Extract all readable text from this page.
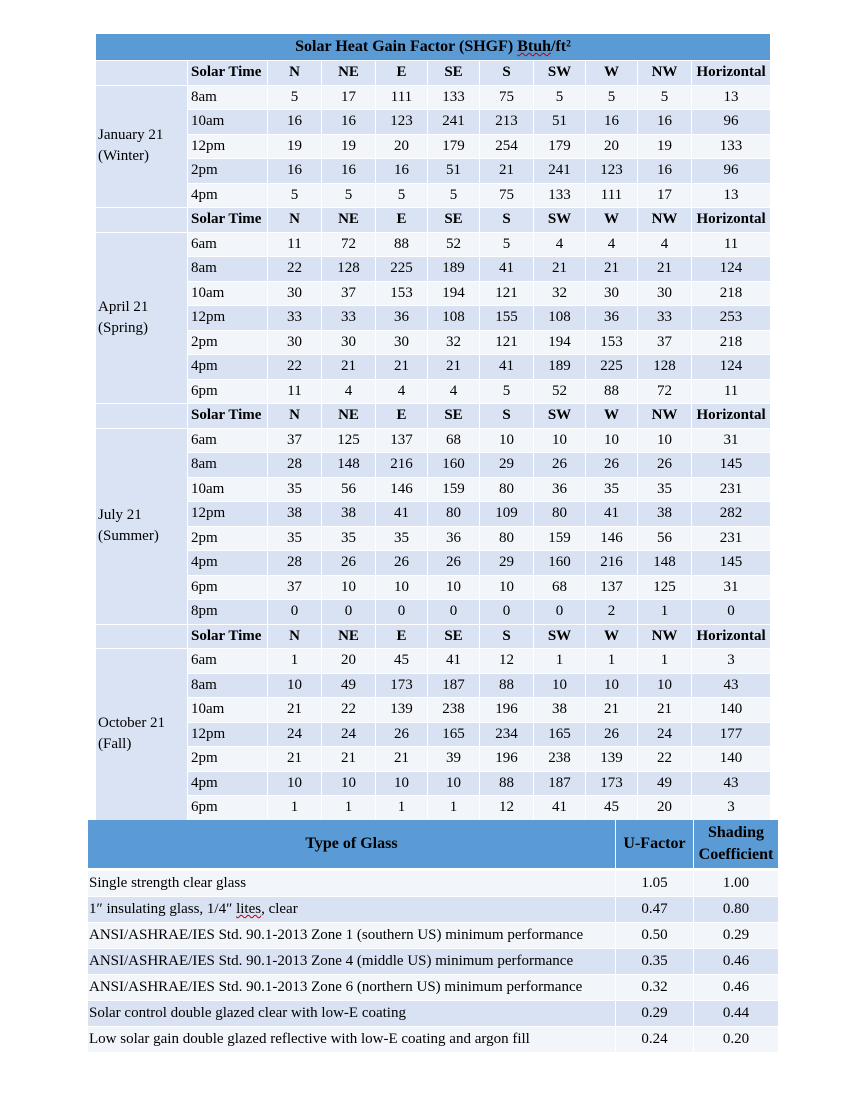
Solar Heat Gain Factor (SHGF) Btuh/ft²										
	Solar Time	N	NE	E	SE	S	SW	W	NW	Horizontal
January 21
(Winter)	8am	5	17	111	133	75	5	5	5	13
	10am	16	16	123	241	213	51	16	16	96
	12pm	19	19	20	179	254	179	20	19	133
	2pm	16	16	16	51	21	241	123	16	96
	4pm	5	5	5	5	75	133	111	17	13
	Solar Time	N	NE	E	SE	S	SW	W	NW	Horizontal
April 21
(Spring)	6am	11	72	88	52	5	4	4	4	11
	8am	22	128	225	189	41	21	21	21	124
	10am	30	37	153	194	121	32	30	30	218
	12pm	33	33	36	108	155	108	36	33	253
	2pm	30	30	30	32	121	194	153	37	218
	4pm	22	21	21	21	41	189	225	128	124
	6pm	11	4	4	4	5	52	88	72	11
	Solar Time	N	NE	E	SE	S	SW	W	NW	Horizontal
July 21
(Summer)	6am	37	125	137	68	10	10	10	10	31
	8am	28	148	216	160	29	26	26	26	145
	10am	35	56	146	159	80	36	35	35	231
	12pm	38	38	41	80	109	80	41	38	282
	2pm	35	35	35	36	80	159	146	56	231
	4pm	28	26	26	26	29	160	216	148	145
	6pm	37	10	10	10	10	68	137	125	31
	8pm	0	0	0	0	0	0	2	1	0
	Solar Time	N	NE	E	SE	S	SW	W	NW	Horizontal
October 21
(Fall)	6am	1	20	45	41	12	1	1	1	3
	8am	10	49	173	187	88	10	10	10	43
	10am	21	22	139	238	196	38	21	21	140
	12pm	24	24	26	165	234	165	26	24	177
	2pm	21	21	21	39	196	238	139	22	140
	4pm	10	10	10	10	88	187	173	49	43
	6pm	1	1	1	1	12	41	45	20	3
Type of Glass	U-Factor	Shading
Coefficient

Single strength clear glass	1.05	1.00
1″ insulating glass, 1/4″ lites, clear	0.47	0.80
ANSI/ASHRAE/IES Std. 90.1-2013 Zone 1 (southern US) minimum performance	0.50	0.29
ANSI/ASHRAE/IES Std. 90.1-2013 Zone 4 (middle US) minimum performance	0.35	0.46
ANSI/ASHRAE/IES Std. 90.1-2013 Zone 6 (northern US) minimum performance	0.32	0.46
Solar control double glazed clear with low-E coating	0.29	0.44
Low solar gain double glazed reflective with low-E coating and argon fill	0.24	0.20
